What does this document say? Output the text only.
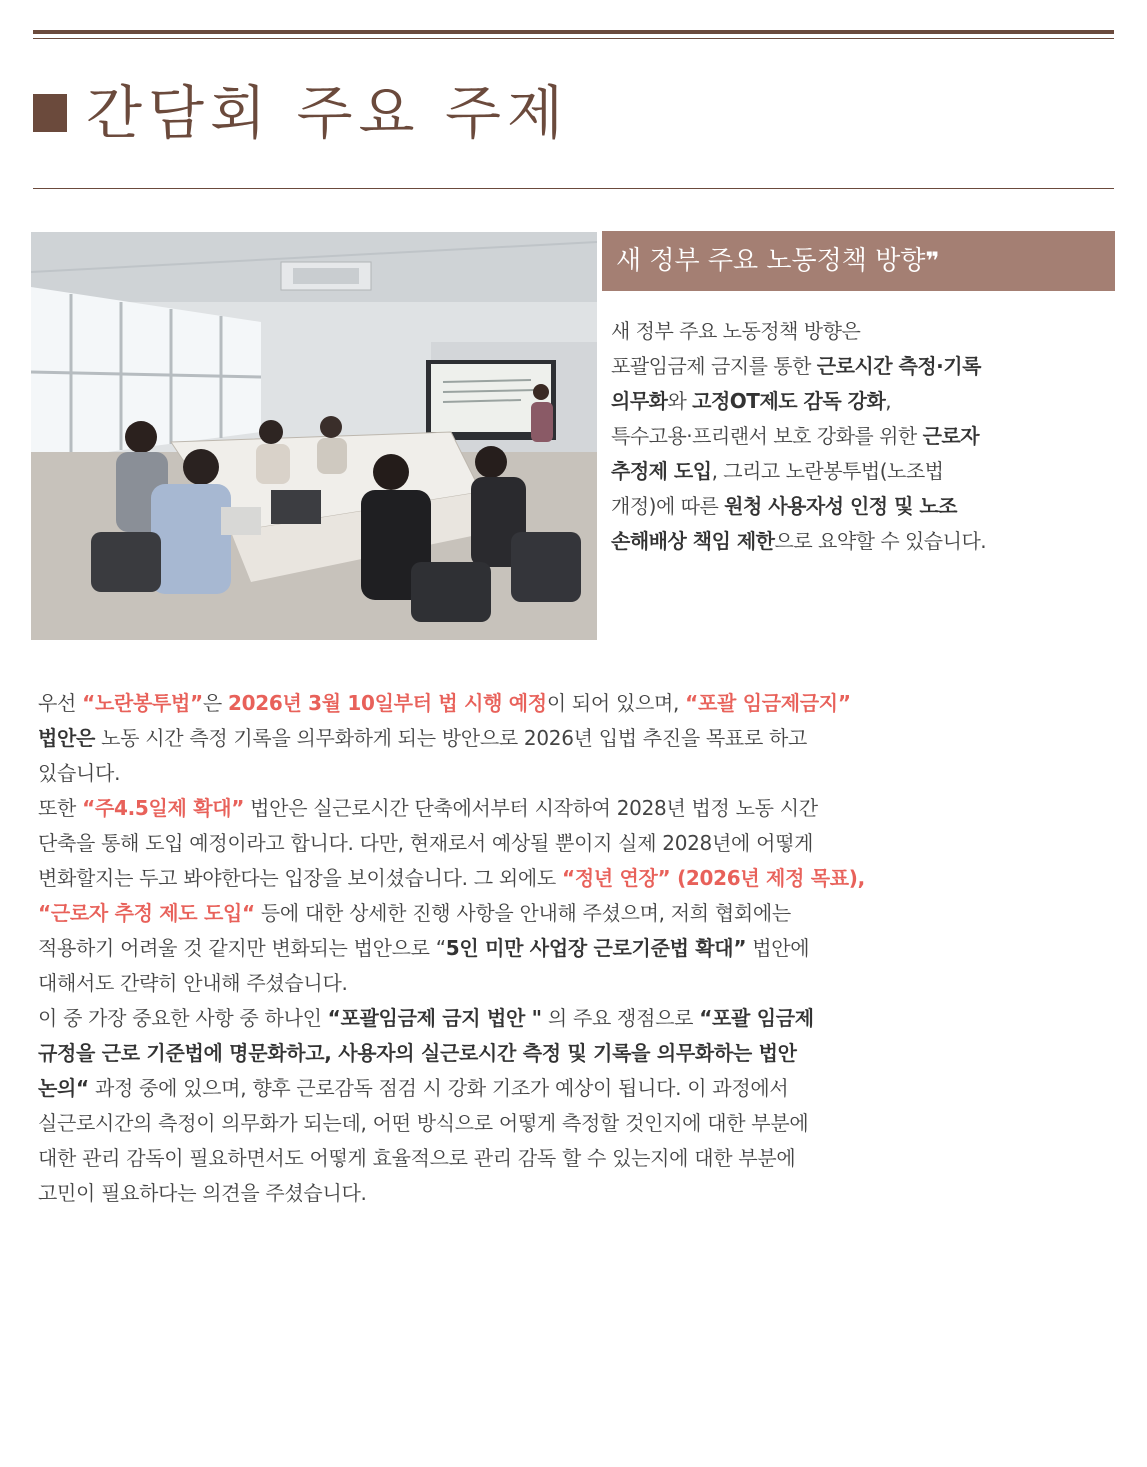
간담회 주요 주제
새 정부 주요 노동정책 방향❞
새 정부 주요 노동정책 방향은
포괄임금제 금지를 통한 근로시간 측정·기록
의무화와 고정OT제도 감독 강화,
특수고용·프리랜서 보호 강화를 위한 근로자
추정제 도입, 그리고 노란봉투법(노조법
개정)에 따른 원청 사용자성 인정 및 노조
손해배상 책임 제한으로 요약할 수 있습니다.
우선 “노란봉투법”은 2026년 3월 10일부터 법 시행 예정이 되어 있으며, “포괄 임금제금지”
법안은 노동 시간 측정 기록을 의무화하게 되는 방안으로 2026년 입법 추진을 목표로 하고
있습니다.
또한 “주4.5일제 확대” 법안은 실근로시간 단축에서부터 시작하여 2028년 법정 노동 시간
단축을 통해 도입 예정이라고 합니다. 다만, 현재로서 예상될 뿐이지 실제 2028년에 어떻게
변화할지는 두고 봐야한다는 입장을 보이셨습니다. 그 외에도 “정년 연장” (2026년 제정 목표),
“근로자 추정 제도 도입“ 등에 대한 상세한 진행 사항을 안내해 주셨으며, 저희 협회에는
적용하기 어려울 것 같지만 변화되는 법안으로 “5인 미만 사업장 근로기준법 확대” 법안에
대해서도 간략히 안내해 주셨습니다.
이 중 가장 중요한 사항 중 하나인 “포괄임금제 금지 법안 " 의 주요 쟁점으로 “포괄 임금제
규정을 근로 기준법에 명문화하고, 사용자의 실근로시간 측정 및 기록을 의무화하는 법안
논의“ 과정 중에 있으며, 향후 근로감독 점검 시 강화 기조가 예상이 됩니다. 이 과정에서
실근로시간의 측정이 의무화가 되는데, 어떤 방식으로 어떻게 측정할 것인지에 대한 부분에
대한 관리 감독이 필요하면서도 어떻게 효율적으로 관리 감독 할 수 있는지에 대한 부분에
고민이 필요하다는 의견을 주셨습니다.
